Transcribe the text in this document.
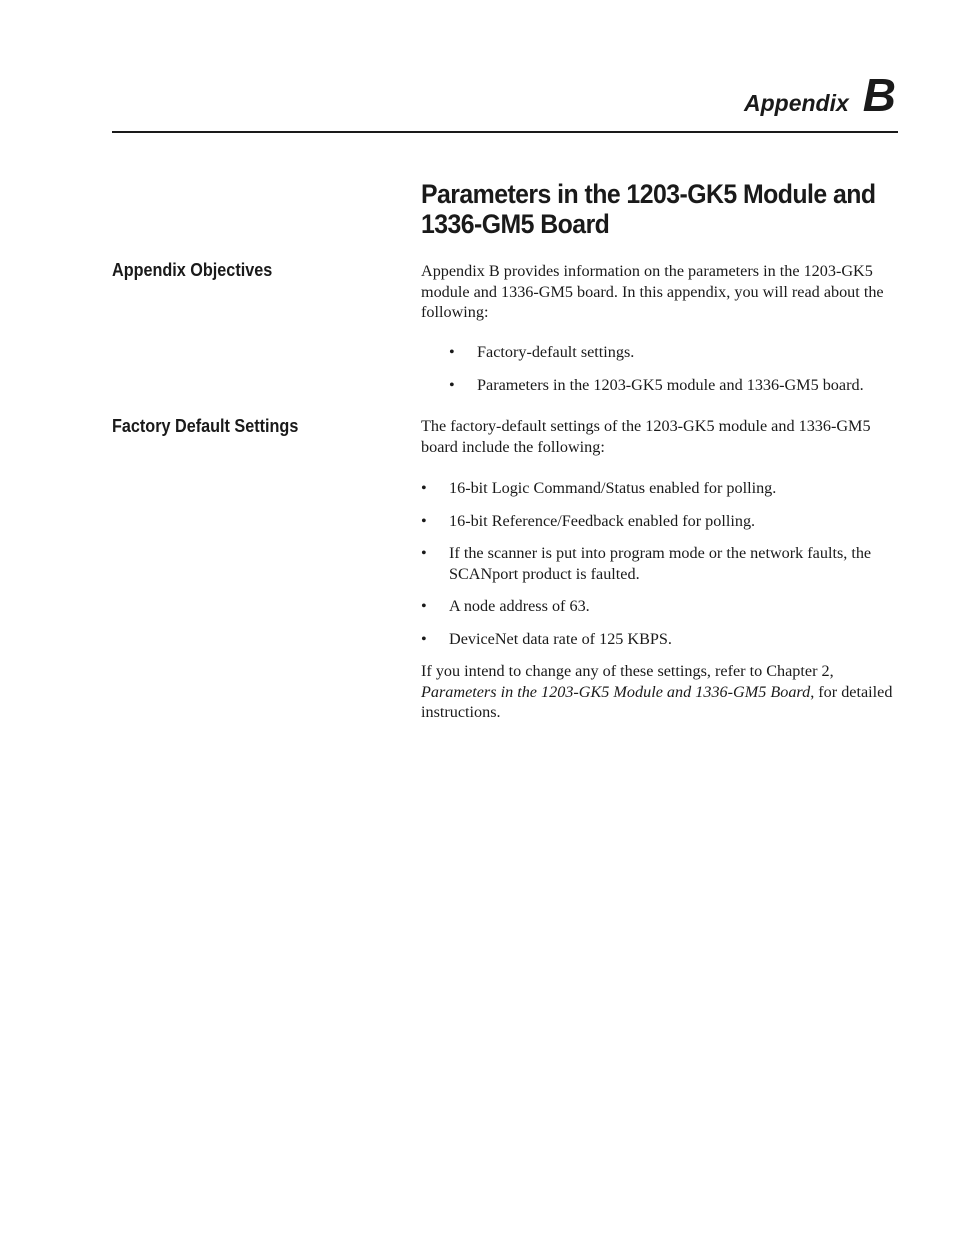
Appendix B
Parameters in the 1203-GK5 Module and
1336-GM5 Board
Appendix Objectives	Appendix B provides information on the parameters in the 1203-GK5 module and 1336-GM5 board. In this appendix, you will read about the following:

• Factory-default settings.
• Parameters in the 1203-GK5 module and 1336-GM5 board.
Factory Default Settings	The factory-default settings of the 1203-GK5 module and 1336-GM5 board include the following:

• 16-bit Logic Command/Status enabled for polling.
• 16-bit Reference/Feedback enabled for polling.
• If the scanner is put into program mode or the network faults, the SCANport product is faulted.
• A node address of 63.
• DeviceNet data rate of 125 KBPS.

If you intend to change any of these settings, refer to Chapter 2,
Parameters in the 1203-GK5 Module and 1336-GM5 Board, for detailed instructions.
